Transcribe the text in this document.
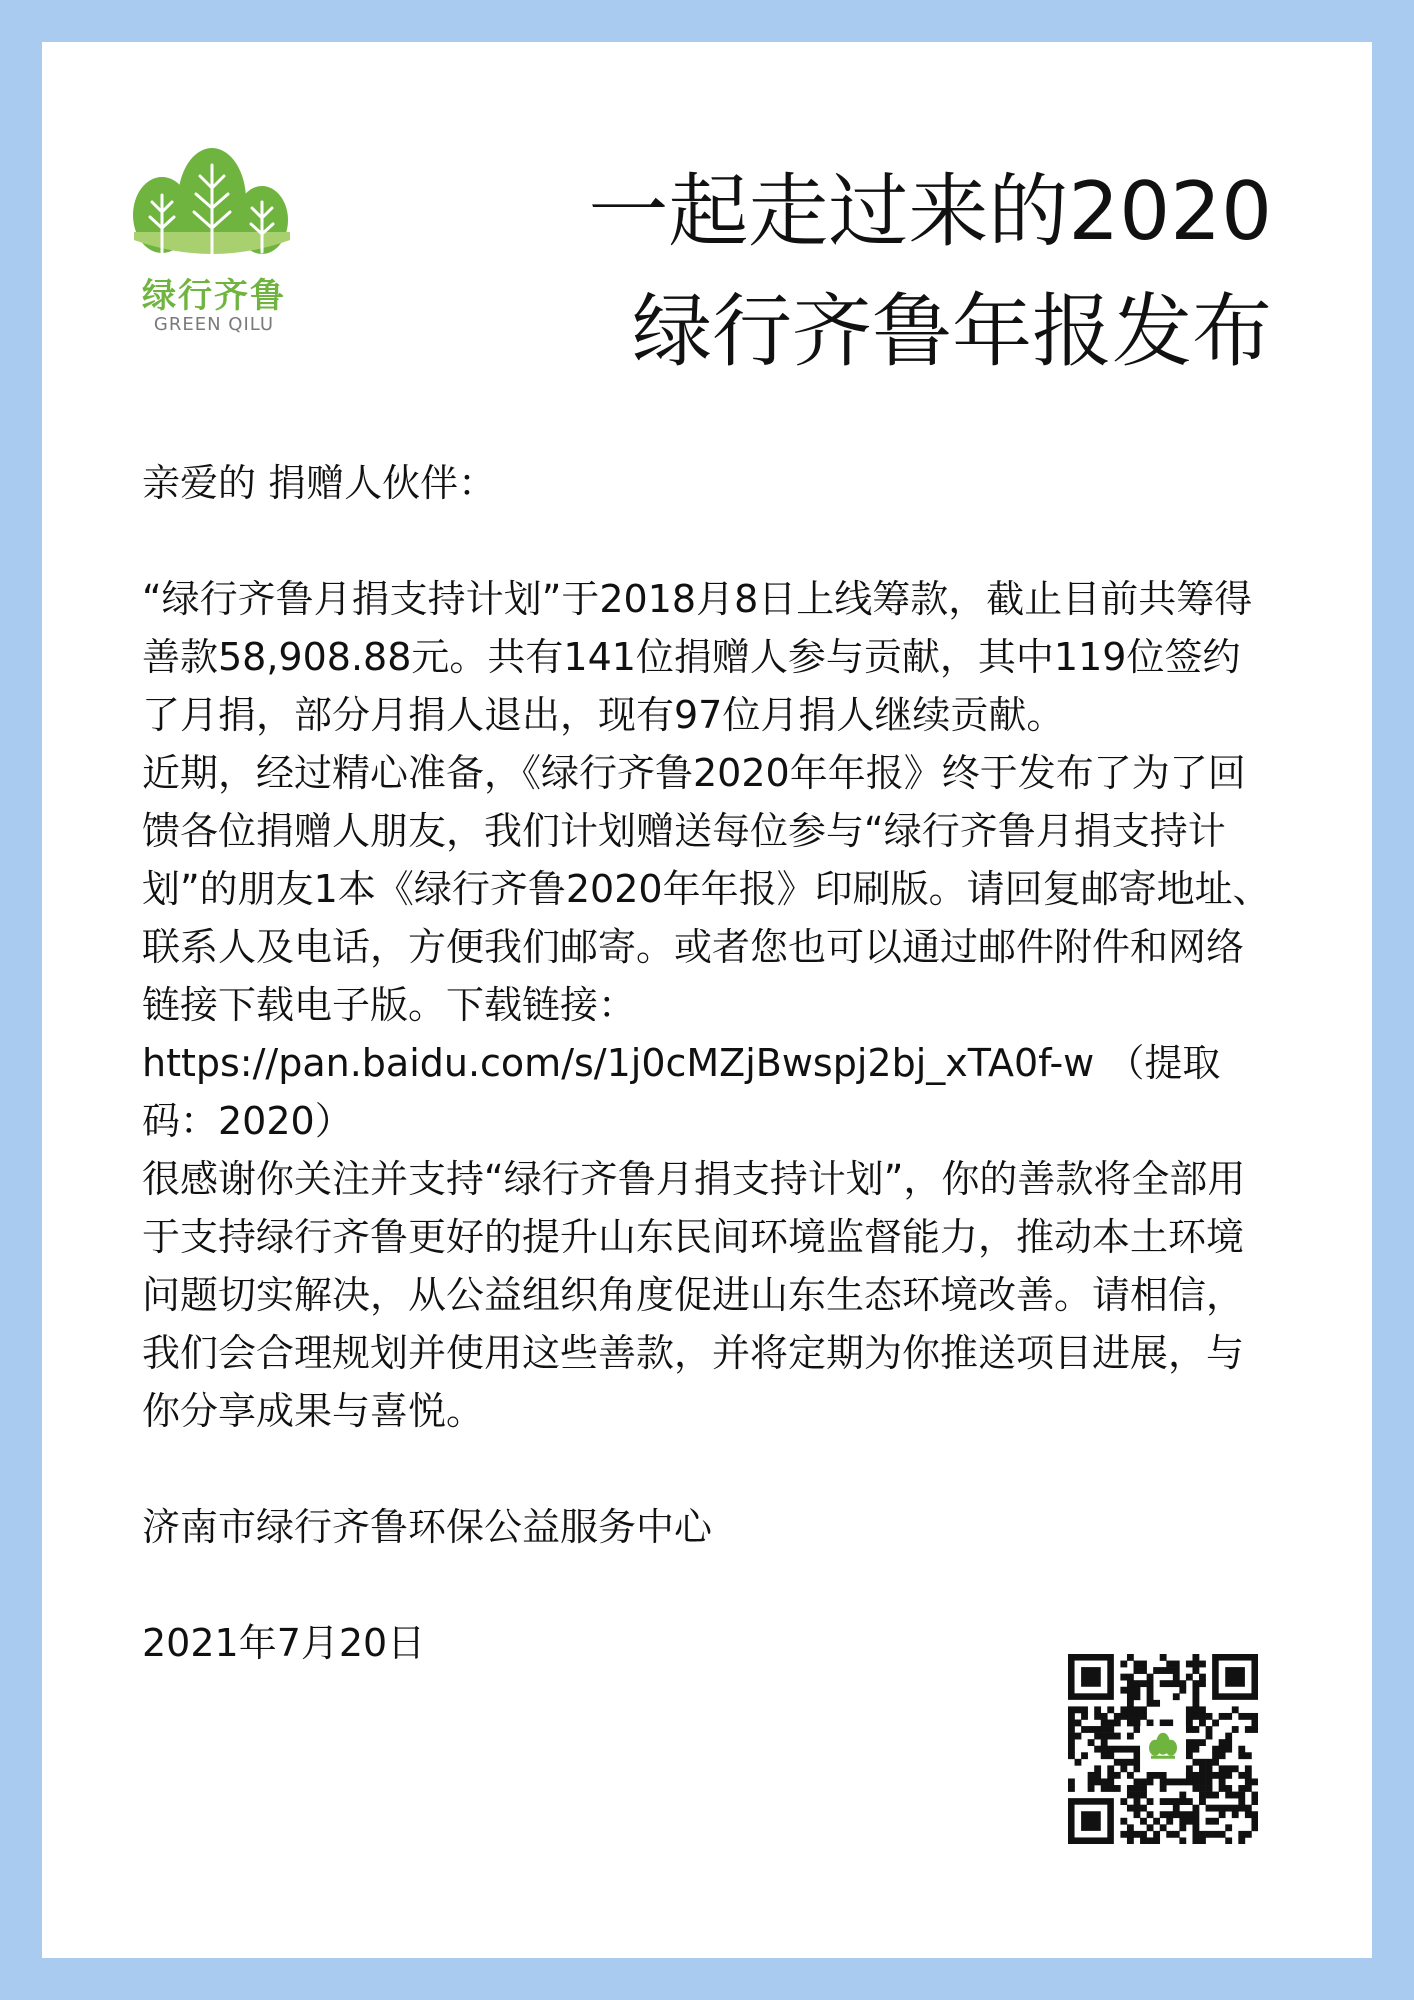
绿行齐鲁
GREEN QILU
一起走过来的2020
绿行齐鲁年报发布

亲爱的 捐赠人伙伴：

“绿行齐鲁月捐支持计划”于2018月8日上线筹款，截止目前共筹得善款58,908.88元。共有141位捐赠人参与贡献，其中119位签约了月捐，部分月捐人退出，现有97位月捐人继续贡献。

近期，经过精心准备，《绿行齐鲁2020年年报》终于发布了为了回馈各位捐赠人朋友，我们计划赠送每位参与“绿行齐鲁月捐支持计划”的朋友1本《绿行齐鲁2020年年报》印刷版。请回复邮寄地址、联系人及电话，方便我们邮寄。或者您也可以通过邮件附件和网络链接下载电子版。下载链接：https://pan.baidu.com/s/1j0cMZjBwspj2bj_xTA0f-w （提取码：2020）

很感谢你关注并支持“绿行齐鲁月捐支持计划”，你的善款将全部用于支持绿行齐鲁更好的提升山东民间环境监督能力，推动本土环境问题切实解决，从公益组织角度促进山东生态环境改善。请相信，我们会合理规划并使用这些善款，并将定期为你推送项目进展，与你分享成果与喜悦。

济南市绿行齐鲁环保公益服务中心

2021年7月20日
